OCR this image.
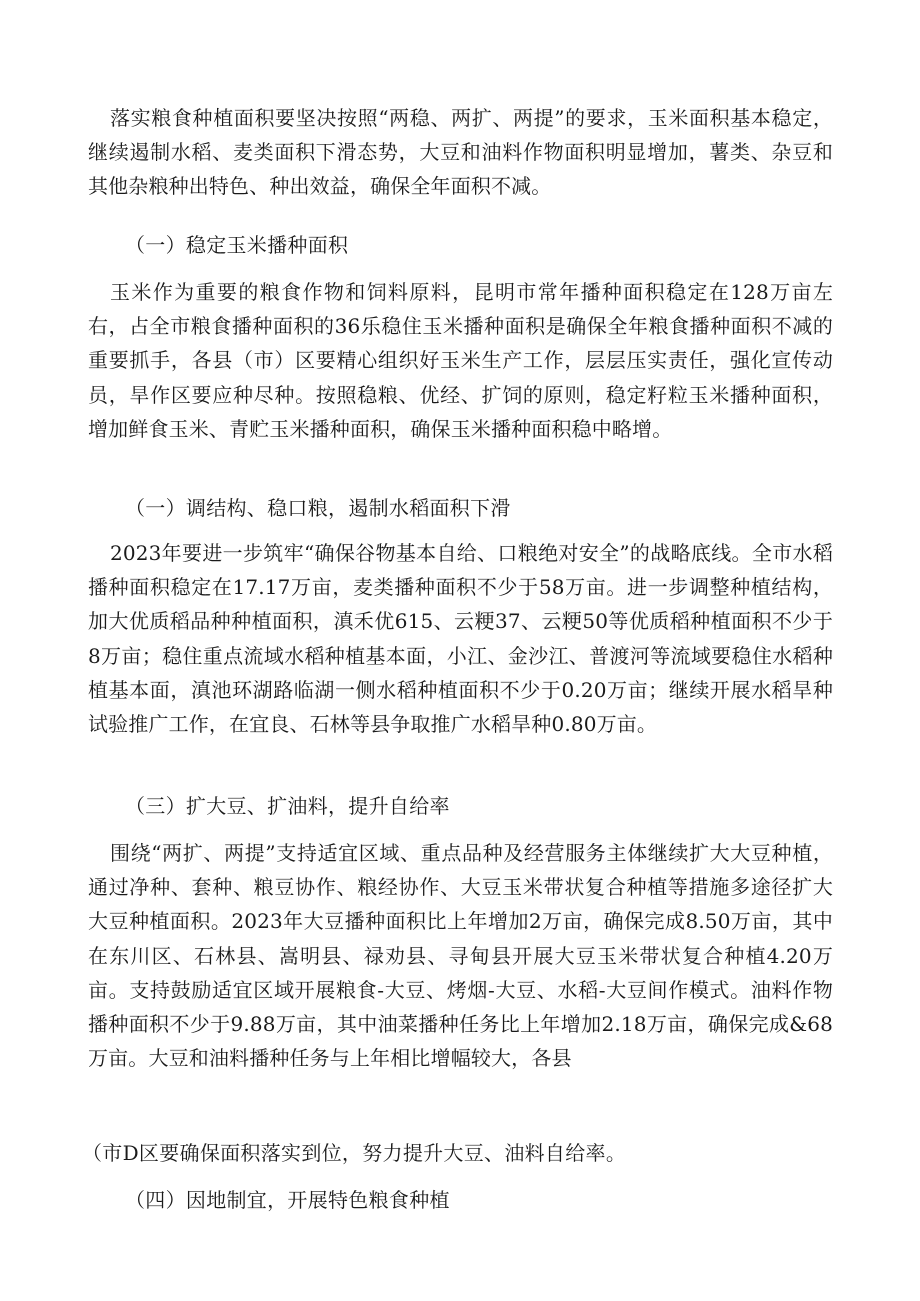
落实粮食种植面积要坚决按照“两稳、两扩、两提”的要求，玉米面积基本稳定，继续遏制水稻、麦类面积下滑态势，大豆和油料作物面积明显增加，薯类、杂豆和其他杂粮种出特色、种出效益，确保全年面积不减。

（一）稳定玉米播种面积

玉米作为重要的粮食作物和饲料原料，昆明市常年播种面积稳定在128万亩左右，占全市粮食播种面积的36乐稳住玉米播种面积是确保全年粮食播种面积不减的重要抓手，各县（市）区要精心组织好玉米生产工作，层层压实责任，强化宣传动员，旱作区要应种尽种。按照稳粮、优经、扩饲的原则，稳定籽粒玉米播种面积，增加鲜食玉米、青贮玉米播种面积，确保玉米播种面积稳中略增。

（一）调结构、稳口粮，遏制水稻面积下滑

2023年要进一步筑牢“确保谷物基本自给、口粮绝对安全”的战略底线。全市水稻播种面积稳定在17.17万亩，麦类播种面积不少于58万亩。进一步调整种植结构，加大优质稻品种种植面积，滇禾优615、云粳37、云粳50等优质稻种植面积不少于8万亩；稳住重点流域水稻种植基本面，小江、金沙江、普渡河等流域要稳住水稻种植基本面，滇池环湖路临湖一侧水稻种植面积不少于0.20万亩；继续开展水稻旱种试验推广工作，在宜良、石林等县争取推广水稻旱种0.80万亩。

（三）扩大豆、扩油料，提升自给率

围绕“两扩、两提”支持适宜区域、重点品种及经营服务主体继续扩大大豆种植，通过净种、套种、粮豆协作、粮经协作、大豆玉米带状复合种植等措施多途径扩大大豆种植面积。2023年大豆播种面积比上年增加2万亩，确保完成8.50万亩，其中在东川区、石林县、嵩明县、禄劝县、寻甸县开展大豆玉米带状复合种植4.20万亩。支持鼓励适宜区域开展粮食-大豆、烤烟-大豆、水稻-大豆间作模式。油料作物播种面积不少于9.88万亩，其中油菜播种任务比上年增加2.18万亩，确保完成&68万亩。大豆和油料播种任务与上年相比增幅较大，各县

（市D区要确保面积落实到位，努力提升大豆、油料自给率。

（四）因地制宜，开展特色粮食种植
